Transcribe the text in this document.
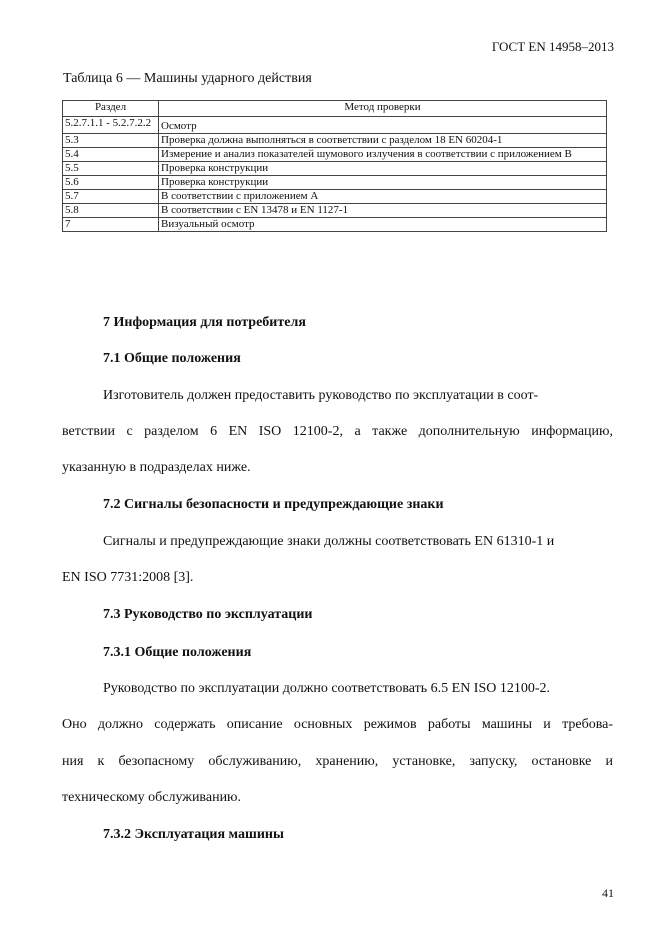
ГОСТ EN 14958–2013
Таблица 6 — Машины ударного действия
Раздел	Метод проверки
5.2.7.1.1 - 5.2.7.2.2	Осмотр
5.3	Проверка должна выполняться в соответствии с разделом 18 EN 60204-1
5.4	Измерение и анализ показателей шумового излучения в соответствии с приложением B
5.5	Проверка конструкции
5.6	Проверка конструкции
5.7	В соответствии с приложением A
5.8	В соответствии с EN 13478 и EN 1127-1
7	Визуальный осмотр
7 Информация для потребителя
7.1 Общие положения
Изготовитель должен предоставить руководство по эксплуатации в соот-
ветствии с разделом 6 EN ISO 12100-2, а также дополнительную информацию,
указанную в подразделах ниже.
7.2 Сигналы безопасности и предупреждающие знаки
Сигналы и предупреждающие знаки должны соответствовать EN 61310-1 и
EN ISO 7731:2008 [3].
7.3 Руководство по эксплуатации
7.3.1 Общие положения
Руководство по эксплуатации должно соответствовать 6.5 EN ISO 12100-2.
Оно должно содержать описание основных режимов работы машины и требова-
ния к безопасному обслуживанию, хранению, установке, запуску, остановке и
техническому обслуживанию.
7.3.2 Эксплуатация машины
41
